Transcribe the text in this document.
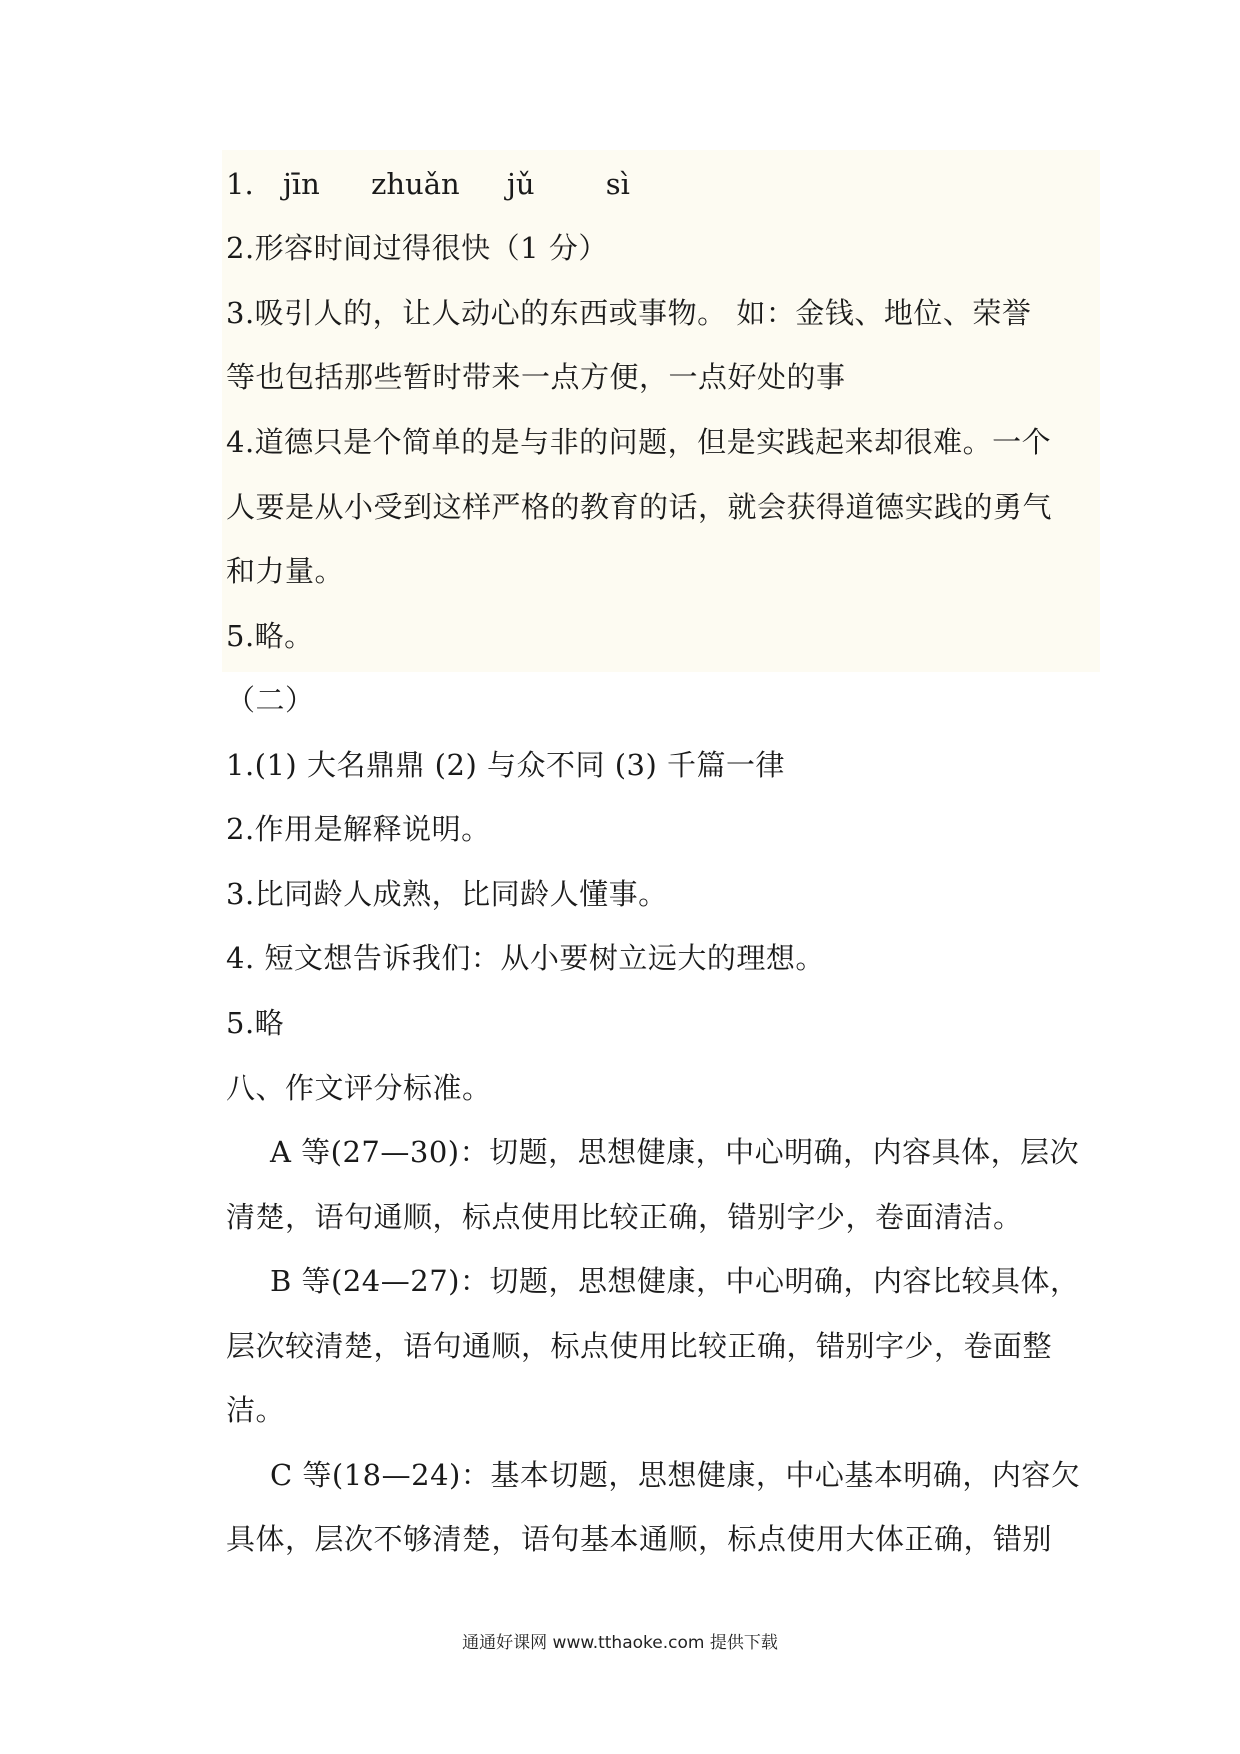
1. jīn zhuǎn jǔ sì
2.形容时间过得很快（1 分）
3.吸引人的，让人动心的东西或事物。 如：金钱、地位、荣誉
等也包括那些暂时带来一点方便，一点好处的事
4.道德只是个简单的是与非的问题，但是实践起来却很难。一个
人要是从小受到这样严格的教育的话，就会获得道德实践的勇气
和力量。
5.略。
（二）
1.(1) 大名鼎鼎 (2) 与众不同 (3) 千篇一律
2.作用是解释说明。
3.比同龄人成熟，比同龄人懂事。
4. 短文想告诉我们：从小要树立远大的理想。
5.略
八、作文评分标准。
A 等(27—30)：切题，思想健康，中心明确，内容具体，层次
清楚，语句通顺，标点使用比较正确，错别字少，卷面清洁。
B 等(24—27)：切题，思想健康，中心明确，内容比较具体，
层次较清楚，语句通顺，标点使用比较正确，错别字少，卷面整
洁。
C 等(18—24)：基本切题，思想健康，中心基本明确，内容欠
具体，层次不够清楚，语句基本通顺，标点使用大体正确，错别
通通好课网 www.tthaoke.com 提供下载
